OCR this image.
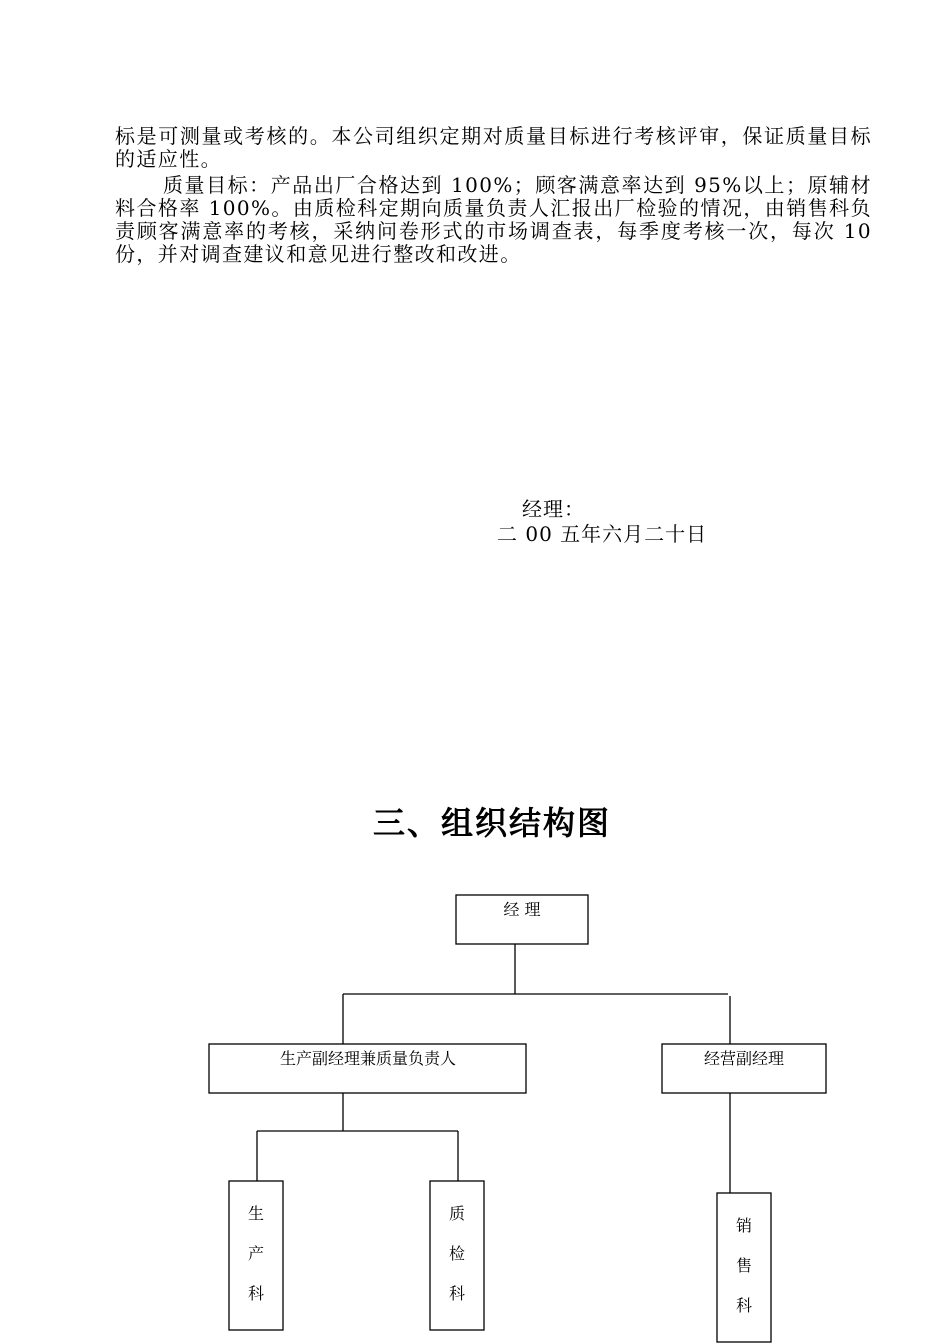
标是可测量或考核的。本公司组织定期对质量目标进行考核评审，保证质量目标的适应性。

质量目标：产品出厂合格达到 100%；顾客满意率达到 95%以上；原辅材料合格率 100%。由质检科定期向质量负责人汇报出厂检验的情况，由销售科负责顾客满意率的考核，采纳问卷形式的市场调查表，每季度考核一次，每次 10 份，并对调查建议和意见进行整改和改进。

经理：

二 00 五年六月二十日

三、组织结构图
经 理
生产副经理兼质量负责人	经营副经理
生
产
科
质
检
科
销
售
科
